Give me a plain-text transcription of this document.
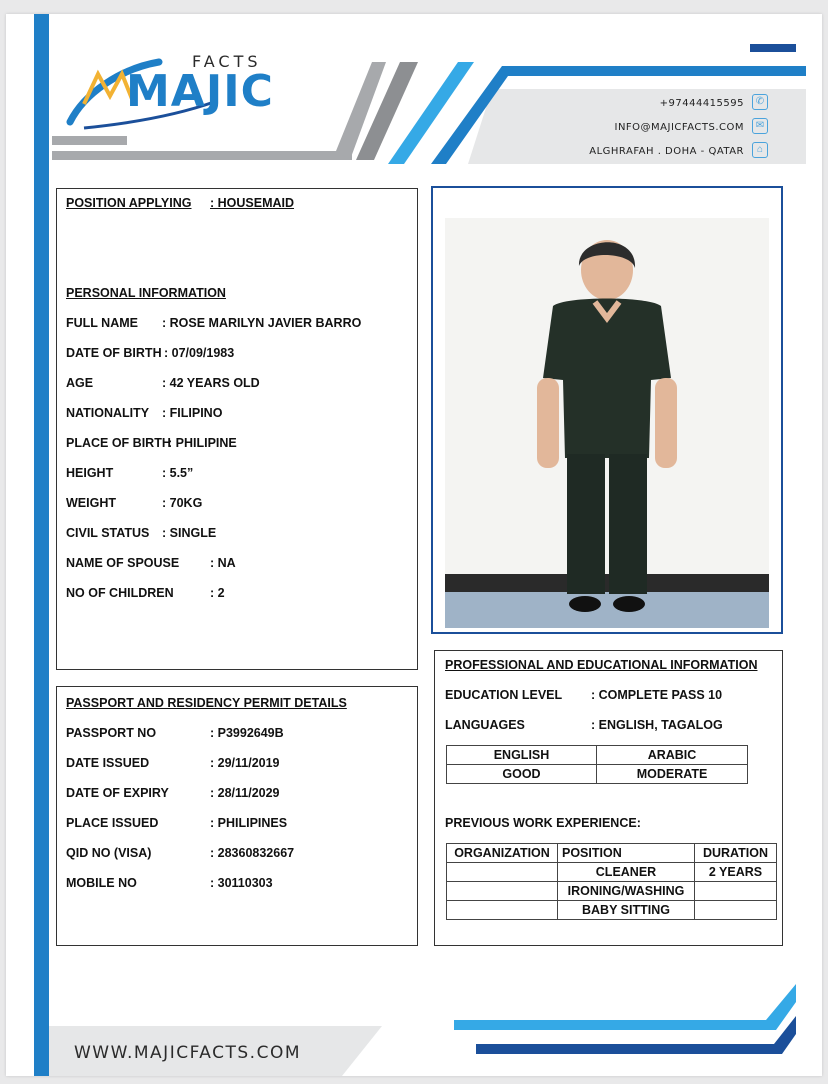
FACTS
MAJIC	+97444415595	✆
INFO@MAJICFACTS.COM	✉
ALGHRAFAH . DOHA - QATAR	⌂
POSITION APPLYING : HOUSEMAID
PERSONAL INFORMATION
FULL NAME : ROSE MARILYN JAVIER BARRO
DATE OF BIRTH : 07/09/1983
AGE	: 42 YEARS OLD
NATIONALITY : FILIPINO
PLACE OF BIRTH
: PHILIPINE
HEIGHT	: 5.5”
WEIGHT	: 70KG
CIVIL STATUS : SINGLE
NAME OF SPOUSE : NA
NO OF CHILDREN	: 2
PASSPORT AND RESIDENCY PERMIT DETAILS
PASSPORT NO	: P3992649B
DATE ISSUED	: 29/11/2019
DATE OF EXPIRY	: 28/11/2029
PLACE ISSUED	: PHILIPINES
QID NO (VISA)	: 28360832667
MOBILE NO	: 30110303
PROFESSIONAL AND EDUCATIONAL INFORMATION
EDUCATION LEVEL : COMPLETE PASS 10
LANGUAGES	: ENGLISH, TAGALOG
ENGLISH	ARABIC
GOOD	MODERATE
PREVIOUS WORK EXPERIENCE:
ORGANIZATION	POSITION	DURATION
	CLEANER	2 YEARS
	IRONING/WASHING	
	BABY SITTING	
WWW.MAJICFACTS.COM
